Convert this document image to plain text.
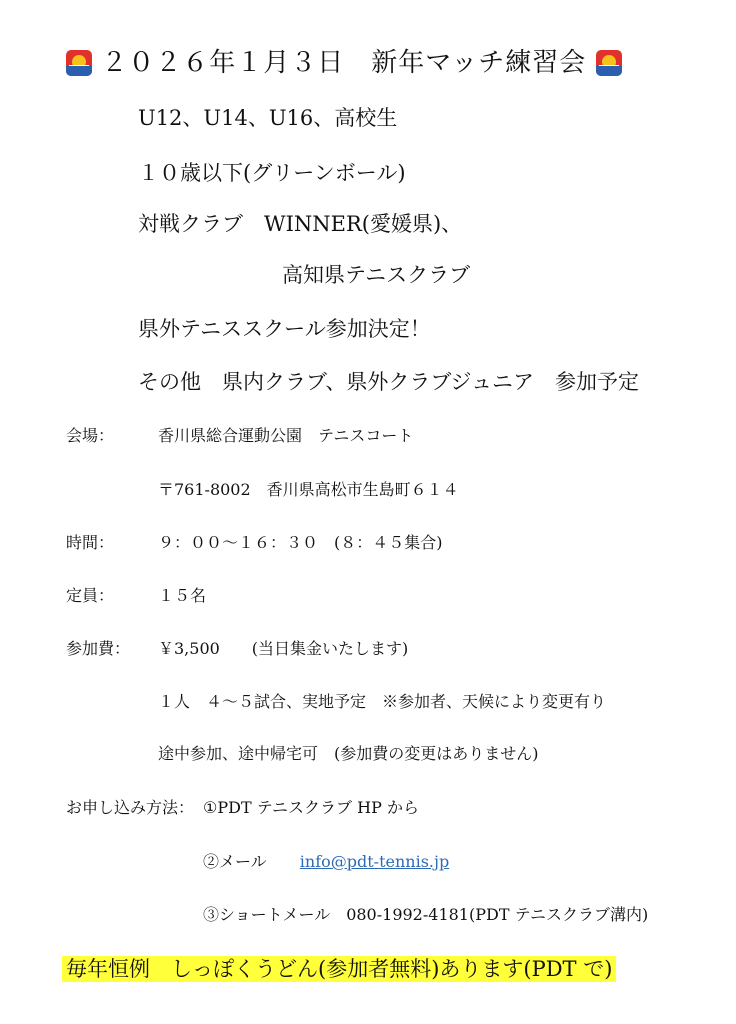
２０２６年１月３日　新年マッチ練習会
U12、U14、U16、高校生
１０歳以下(グリーンボール)
対戦クラブ　WINNER(愛媛県)、
高知県テニスクラブ
県外テニススクール参加決定！
その他　県内クラブ、県外クラブジュニア　参加予定
会場：	香川県総合運動公園　テニスコート
〒761-8002　香川県高松市生島町６１４
時間：	９：００～１６：３０　(８：４５集合)
定員：	１５名
参加費： ￥3,500　　(当日集金いたします)
１人　４～５試合、実地予定　※参加者、天候により変更有り
途中参加、途中帰宅可　(参加費の変更はありません)
お申し込み方法： ①PDT テニスクラブ HP から
②メール info@pdt-tennis.jp
③ショートメール　080-1992-4181(PDT テニスクラブ溝内)
毎年恒例　しっぽくうどん(参加者無料)あります(PDT で)
